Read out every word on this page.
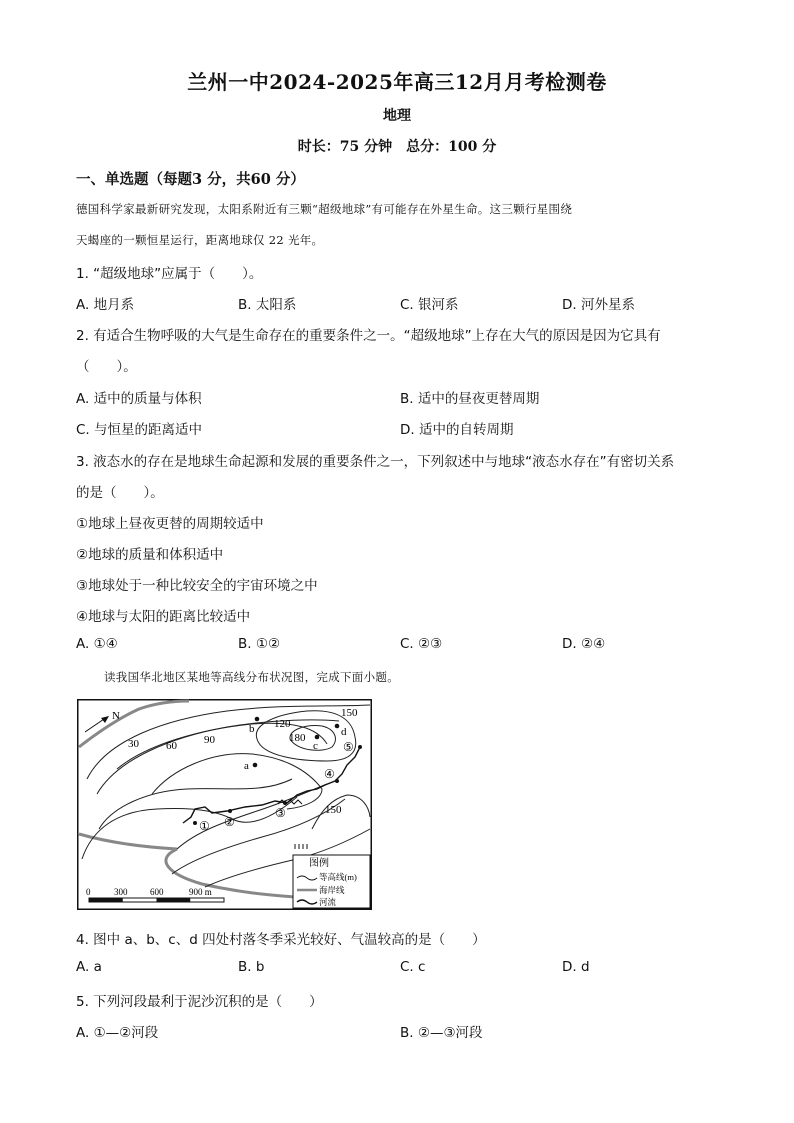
兰州一中2024-2025年高三12月月考检测卷
地理
时长：75 分钟　总分：100 分
一、单选题（每题3 分，共60 分）
德国科学家最新研究发现，太阳系附近有三颗“超级地球”有可能存在外星生命。这三颗行星围绕
天蝎座的一颗恒星运行，距离地球仅 22 光年。
1. “超级地球”应属于（　　）。
A. 地月系	B. 太阳系	C. 银河系	D. 河外星系
2. 有适合生物呼吸的大气是生命存在的重要条件之一。“超级地球”上存在大气的原因是因为它具有
（　　）。
A. 适中的质量与体积	B. 适中的昼夜更替周期
C. 与恒星的距离适中	D. 适中的自转周期
3. 液态水的存在是地球生命起源和发展的重要条件之一，下列叙述中与地球“液态水存在”有密切关系
的是（　　）。
①地球上昼夜更替的周期较适中
②地球的质量和体积适中
③地球处于一种比较安全的宇宙环境之中
④地球与太阳的距离比较适中
A. ①④	B. ①②	C. ②③	D. ②④
读我国华北地区某地等高线分布状况图，完成下面小题。
N
30 60 90
120
150
180
150
b
a
c
d
① ②
③
④
⑤
0	300	600	900 m
图例
等高线(m)
海岸线
河流
4. 图中 a、b、c、d 四处村落冬季采光较好、气温较高的是（　　）
A. a	B. b	C. c	D. d
5. 下列河段最利于泥沙沉积的是（　　）
A. ①—②河段	B. ②—③河段
